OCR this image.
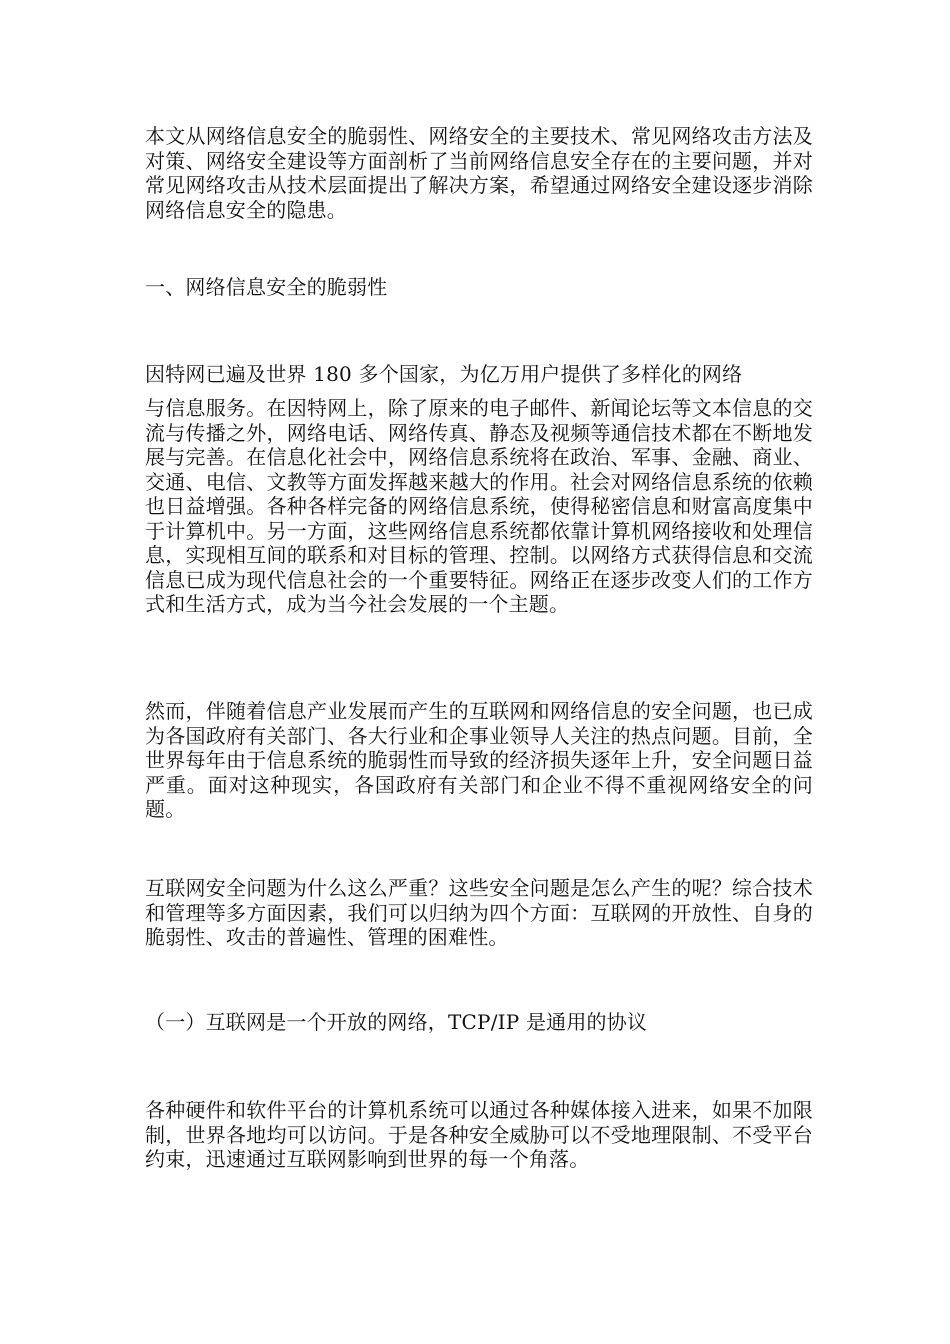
本文从网络信息安全的脆弱性、网络安全的主要技术、常见网络攻击方法及对策、网络安全建设等方面剖析了当前网络信息安全存在的主要问题，并对常见网络攻击从技术层面提出了解决方案，希望通过网络安全建设逐步消除网络信息安全的隐患。

一、网络信息安全的脆弱性

因特网已遍及世界 180 多个国家，为亿万用户提供了多样化的网络

与信息服务。在因特网上，除了原来的电子邮件、新闻论坛等文本信息的交流与传播之外，网络电话、网络传真、静态及视频等通信技术都在不断地发展与完善。在信息化社会中，网络信息系统将在政治、军事、金融、商业、交通、电信、文教等方面发挥越来越大的作用。社会对网络信息系统的依赖也日益增强。各种各样完备的网络信息系统，使得秘密信息和财富高度集中于计算机中。另一方面，这些网络信息系统都依靠计算机网络接收和处理信息，实现相互间的联系和对目标的管理、控制。以网络方式获得信息和交流信息已成为现代信息社会的一个重要特征。网络正在逐步改变人们的工作方式和生活方式，成为当今社会发展的一个主题。

然而，伴随着信息产业发展而产生的互联网和网络信息的安全问题，也已成为各国政府有关部门、各大行业和企事业领导人关注的热点问题。目前，全世界每年由于信息系统的脆弱性而导致的经济损失逐年上升，安全问题日益严重。面对这种现实，各国政府有关部门和企业不得不重视网络安全的问题。

互联网安全问题为什么这么严重？这些安全问题是怎么产生的呢？综合技术和管理等多方面因素，我们可以归纳为四个方面：互联网的开放性、自身的脆弱性、攻击的普遍性、管理的困难性。

（一）互联网是一个开放的网络，TCP/IP 是通用的协议

各种硬件和软件平台的计算机系统可以通过各种媒体接入进来，如果不加限制，世界各地均可以访问。于是各种安全威胁可以不受地理限制、不受平台约束，迅速通过互联网影响到世界的每一个角落。
